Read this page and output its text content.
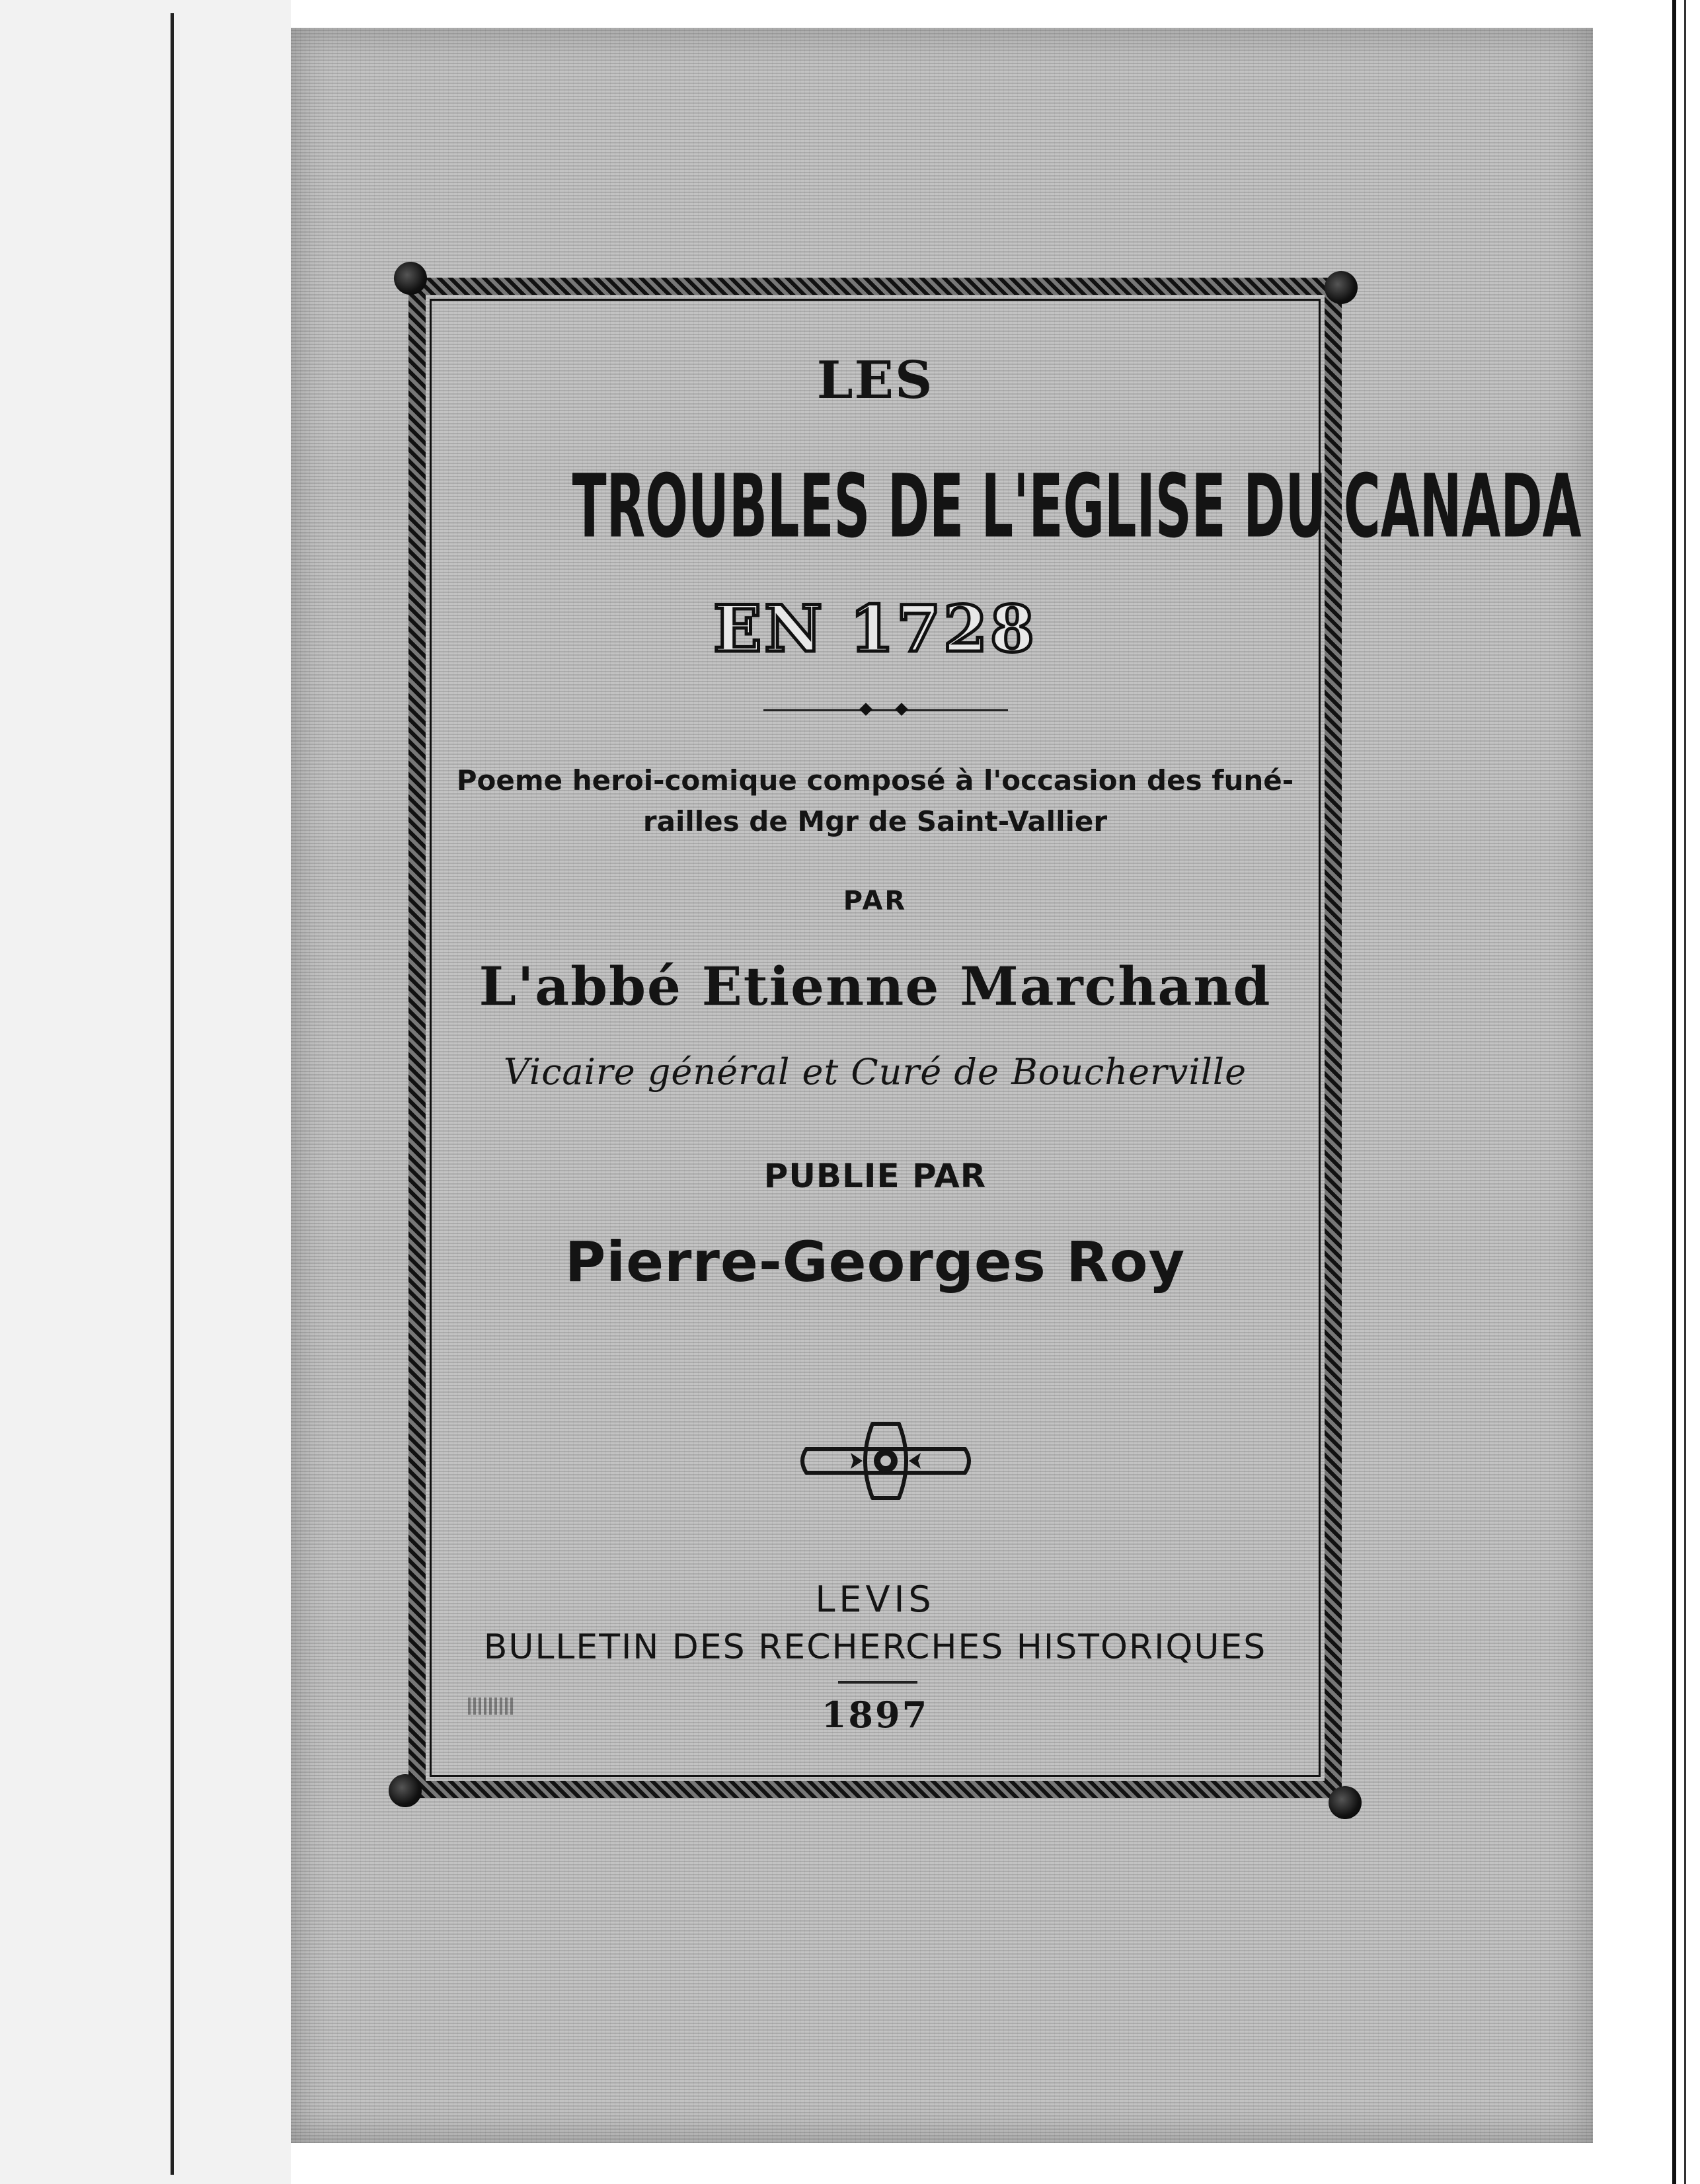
LES
TROUBLES DE L'EGLISE DU CANADA
EN 1728
Poeme heroi-comique composé à l'occasion des funé-
railles de Mgr de Saint-Vallier
PAR
L'abbé Etienne Marchand
Vicaire général et Curé de Boucherville
PUBLIE PAR
Pierre-Georges Roy
LEVIS
BULLETIN DES RECHERCHES HISTORIQUES
1897
